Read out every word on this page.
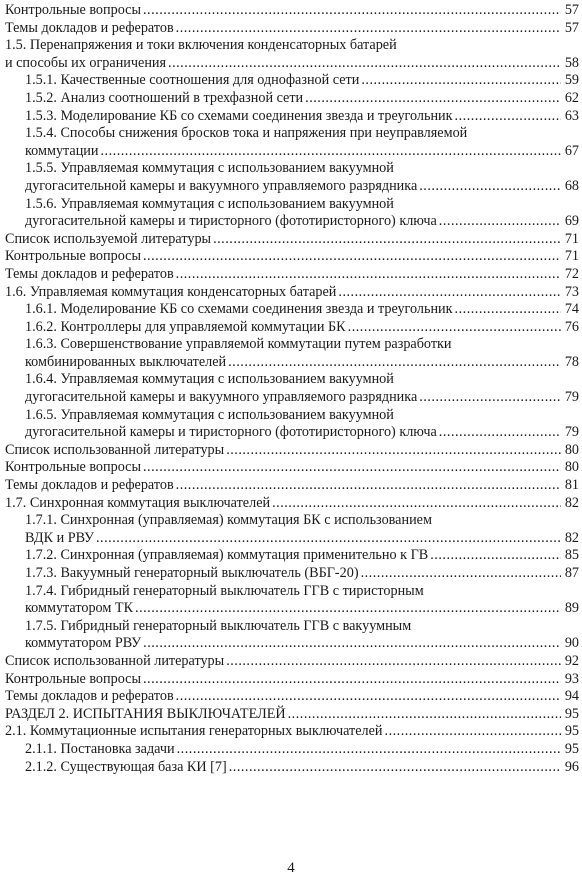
Контрольные вопросы .....	57
Темы докладов и рефератов .....	57
1.5. Перенапряжения и токи включения конденсаторных батарей
и способы их ограничения .....	58
1.5.1. Качественные соотношения для однофазной сети .....	59
1.5.2. Анализ соотношений в трехфазной сети .....	62
1.5.3. Моделирование КБ со схемами соединения звезда и треугольник .....	63
1.5.4. Способы снижения бросков тока и напряжения при неуправляемой
коммутации .....	67
1.5.5. Управляемая коммутация с использованием вакуумной
дугогасительной камеры и вакуумного управляемого разрядника .....	68
1.5.6. Управляемая коммутация с использованием вакуумной
дугогасительной камеры и тиристорного (фототиристорного) ключа .....	69
Список используемой литературы .....	71
Контрольные вопросы .....	71
Темы докладов и рефератов .....	72
1.6. Управляемая коммутация конденсаторных батарей .....	73
1.6.1. Моделирование КБ со схемами соединения звезда и треугольник .....	74
1.6.2. Контроллеры для управляемой коммутации БК .....	76
1.6.3. Совершенствование управляемой коммутации путем разработки
комбинированных выключателей .....	78
1.6.4. Управляемая коммутация с использованием вакуумной
дугогасительной камеры и вакуумного управляемого разрядника .....	79
1.6.5. Управляемая коммутация с использованием вакуумной
дугогасительной камеры и тиристорного (фототиристорного) ключа .....	79
Список использованной литературы .....	80
Контрольные вопросы .....	80
Темы докладов и рефератов .....	81
1.7. Синхронная коммутация выключателей .....	82
1.7.1. Синхронная (управляемая) коммутация БК с использованием
ВДК и РВУ .....	82
1.7.2. Синхронная (управляемая) коммутация применительно к ГВ .....	85
1.7.3. Вакуумный генераторный выключатель (ВБГ-20) .....	87
1.7.4. Гибридный генераторный выключатель ГГВ с тиристорным
коммутатором ТК .....	89
1.7.5. Гибридный генераторный выключатель ГГВ с вакуумным
коммутатором РВУ .....	90
Список использованной литературы .....	92
Контрольные вопросы .....	93
Темы докладов и рефератов .....	94
РАЗДЕЛ 2. ИСПЫТАНИЯ ВЫКЛЮЧАТЕЛЕЙ .....	95
2.1. Коммутационные испытания генераторных выключателей .....	95
2.1.1. Постановка задачи .....	95
2.1.2. Существующая база КИ [7] .....	96
4
